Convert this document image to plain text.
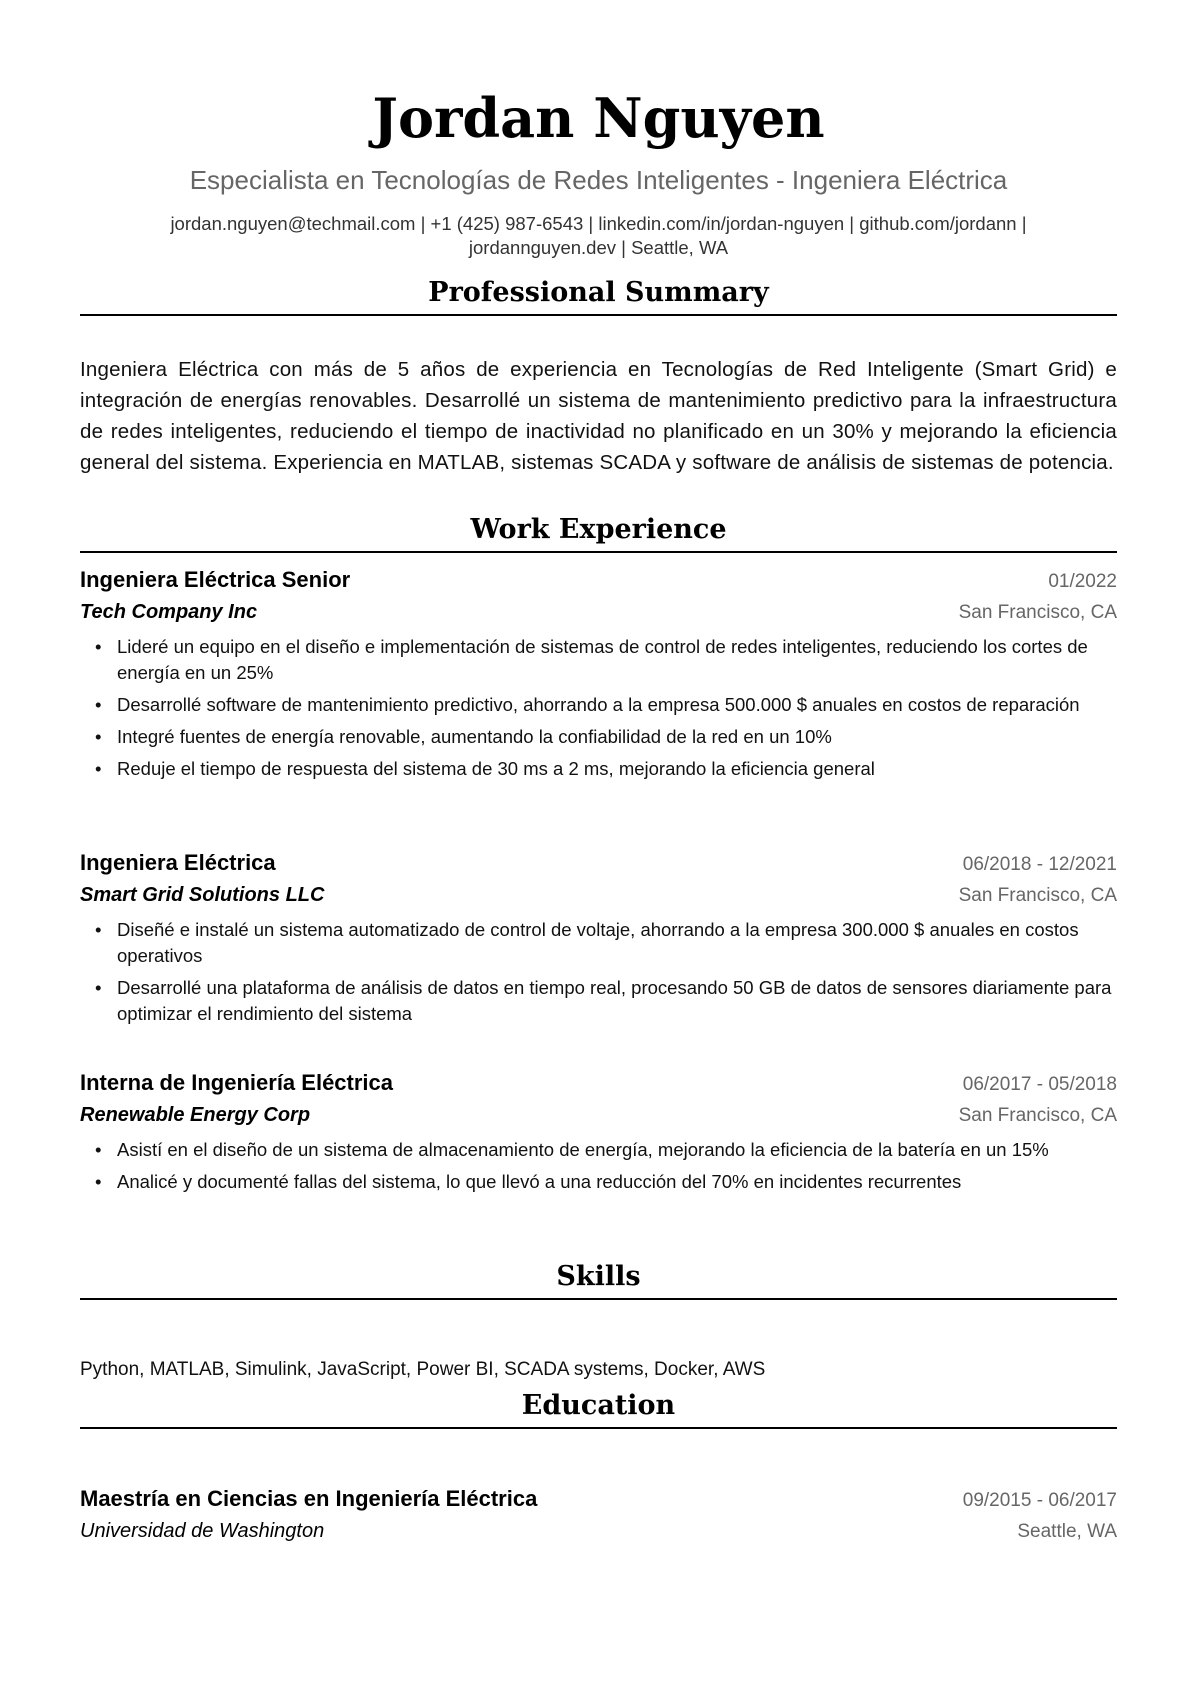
Jordan Nguyen
Especialista en Tecnologías de Redes Inteligentes - Ingeniera Eléctrica
jordan.nguyen@techmail.com | +1 (425) 987-6543 | linkedin.com/in/jordan-nguyen | github.com/jordann |
jordannguyen.dev | Seattle, WA
Professional Summary
Ingeniera Eléctrica con más de 5 años de experiencia en Tecnologías de Red Inteligente (Smart Grid) e integración de energías renovables. Desarrollé un sistema de mantenimiento predictivo para la infraestructura de redes inteligentes, reduciendo el tiempo de inactividad no planificado en un 30% y mejorando la eficiencia general del sistema. Experiencia en MATLAB, sistemas SCADA y software de análisis de sistemas de potencia.
Work Experience
Ingeniera Eléctrica Senior	01/2022
Tech Company Inc	San Francisco, CA
• Lideré un equipo en el diseño e implementación de sistemas de control de redes inteligentes, reduciendo los cortes de energía en un 25%
• Desarrollé software de mantenimiento predictivo, ahorrando a la empresa 500.000 $ anuales en costos de reparación
• Integré fuentes de energía renovable, aumentando la confiabilidad de la red en un 10%
• Reduje el tiempo de respuesta del sistema de 30 ms a 2 ms, mejorando la eficiencia general
Ingeniera Eléctrica	06/2018 - 12/2021
Smart Grid Solutions LLC	San Francisco, CA
• Diseñé e instalé un sistema automatizado de control de voltaje, ahorrando a la empresa 300.000 $ anuales en costos operativos
• Desarrollé una plataforma de análisis de datos en tiempo real, procesando 50 GB de datos de sensores diariamente para optimizar el rendimiento del sistema
Interna de Ingeniería Eléctrica	06/2017 - 05/2018
Renewable Energy Corp	San Francisco, CA
• Asistí en el diseño de un sistema de almacenamiento de energía, mejorando la eficiencia de la batería en un 15%
• Analicé y documenté fallas del sistema, lo que llevó a una reducción del 70% en incidentes recurrentes
Skills
Python, MATLAB, Simulink, JavaScript, Power BI, SCADA systems, Docker, AWS
Education
Maestría en Ciencias en Ingeniería Eléctrica	09/2015 - 06/2017
Universidad de Washington	Seattle, WA
